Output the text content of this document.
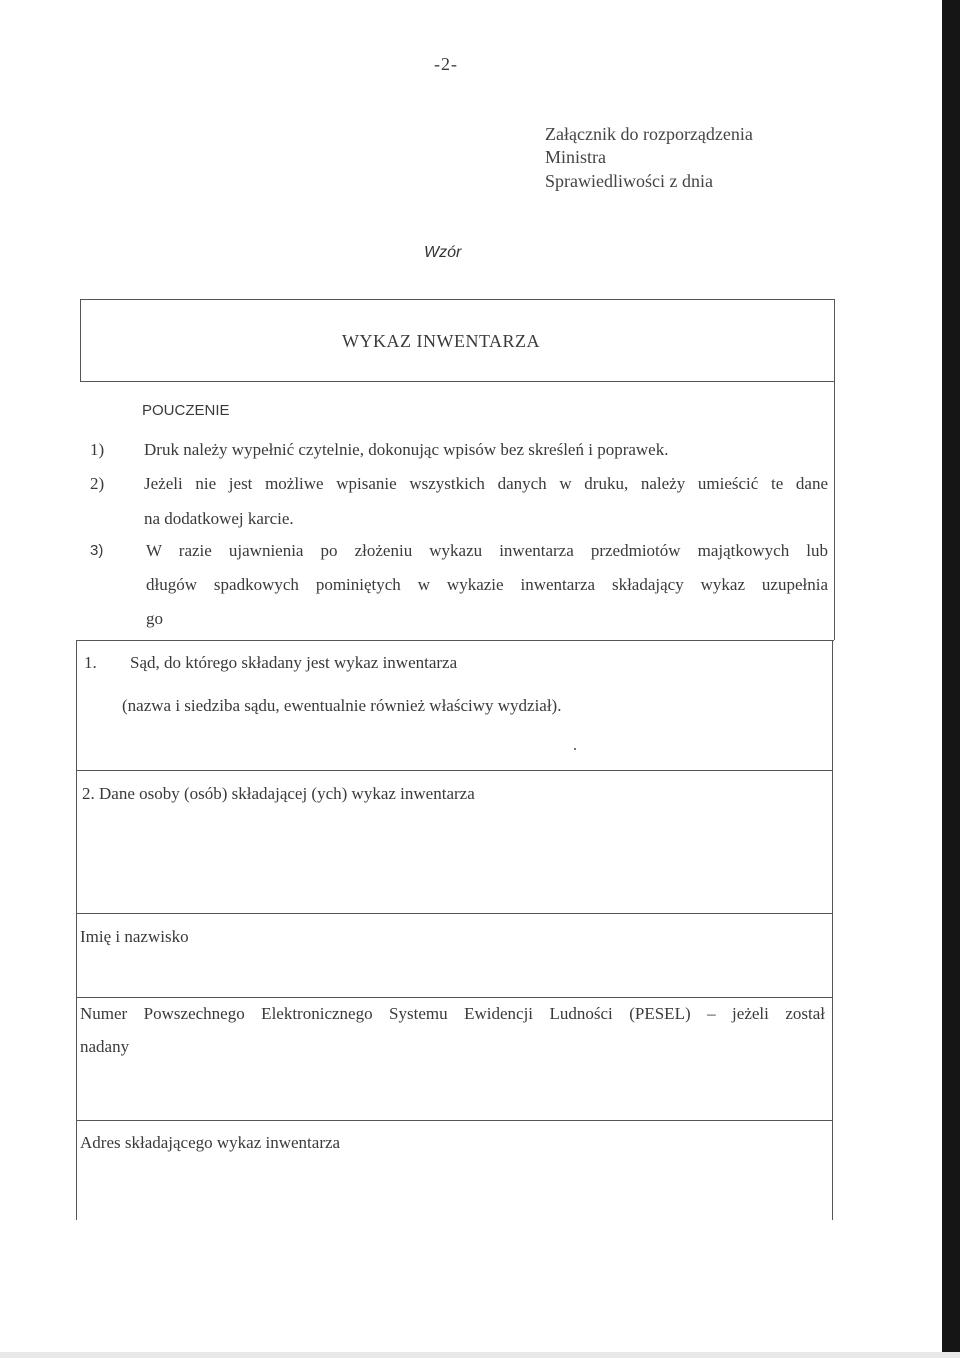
-2-
Załącznik do rozporządzenia
Ministra
Sprawiedliwości z dnia
Wzór
WYKAZ INWENTARZA
POUCZENIE
1) Druk należy wypełnić czytelnie, dokonując wpisów bez skreśleń i poprawek.
2) Jeżeli nie jest możliwe wpisanie wszystkich danych w druku, należy umieścić te dane
na dodatkowej karcie.
3)	W razie ujawnienia po złożeniu wykazu inwentarza przedmiotów majątkowych lub
długów spadkowych pominiętych w wykazie inwentarza składający wykaz uzupełnia
go
1. Sąd, do którego składany jest wykaz inwentarza
(nazwa i siedziba sądu, ewentualnie również właściwy wydział).
2. Dane osoby (osób) składającej (ych) wykaz inwentarza
Imię i nazwisko
Numer Powszechnego Elektronicznego Systemu Ewidencji Ludności (PESEL) – jeżeli został
nadany
Adres składającego wykaz inwentarza
